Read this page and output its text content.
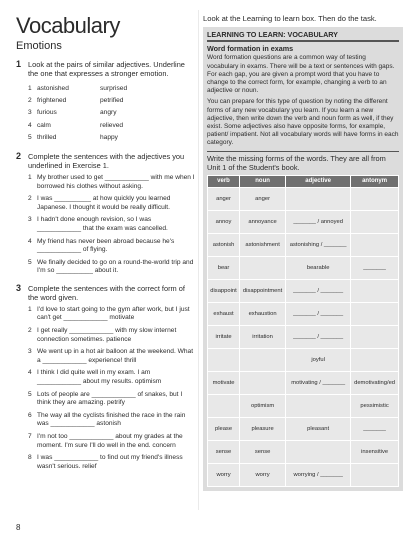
Vocabulary
Emotions
1 Look at the pairs of similar adjectives. Underline the one that expresses a stronger emotion.
1 astonished	surprised
2 frightened	petrified
3 furious	angry
4 calm	relieved
5 thrilled	happy
2 Complete the sentences with the adjectives you underlined in Exercise 1.
1 My brother used to get ____________ with me when I borrowed his clothes without asking.
2 I was __________ at how quickly you learned Japanese. I thought it would be really difficult.
3 I hadn't done enough revision, so I was ____________ that the exam was cancelled.
4 My friend has never been abroad because he's ____________ of flying.
5 We finally decided to go on a round-the-world trip and I'm so __________ about it.
3 Complete the sentences with the correct form of the word given.
1 I'd love to start going to the gym after work, but I just can't get ____________ motivate
2 I get really ____________ with my slow internet connection sometimes. patience
3 We went up in a hot air balloon at the weekend. What a ____________ experience! thrill
4 I think I did quite well in my exam. I am ____________ about my results. optimism
5 Lots of people are ____________ of snakes, but I think they are amazing. petrify
6 The way all the cyclists finished the race in the rain was ____________ astonish
7 I'm not too ____________ about my grades at the moment. I'm sure I'll do well in the end. concern
8 I was ____________ to find out my friend's illness wasn't serious. relief
Look at the Learning to learn box. Then do the task.
LEARNING TO LEARN: VOCABULARY
Word formation in exams
Word formation questions are a common way of testing vocabulary in exams. There will be a text or sentences with gaps. For each gap, you are given a prompt word that you have to change to the correct form, for example, changing a verb to an adjective or noun.
You can prepare for this type of question by noting the different forms of any new vocabulary you learn. If you learn a new adjective, then write down the verb and noun form as well, if they exist. Some adjectives also have opposite forms, for example, patient/ impatient. Not all vocabulary words will have forms in each category.
Write the missing forms of the words. They are all from Unit 1 of the Student's book.
verb	noun	adjective	antonym
anger	anger		
annoy	annoyance	_______ / annoyed	
astonish	astonishment	astonishing / _______	
bear		bearable	_______
disappoint	disappointment	_______ / _______	
exhaust	exhaustion	_______ / _______	
irritate	irritation	_______ / _______	
		joyful	
motivate		motivating / _______	demotivating/ed
	optimism		pessimistic
please	pleasure	pleasant	_______
sense	sense		insensitive
worry	worry	worrying / _______	
8
